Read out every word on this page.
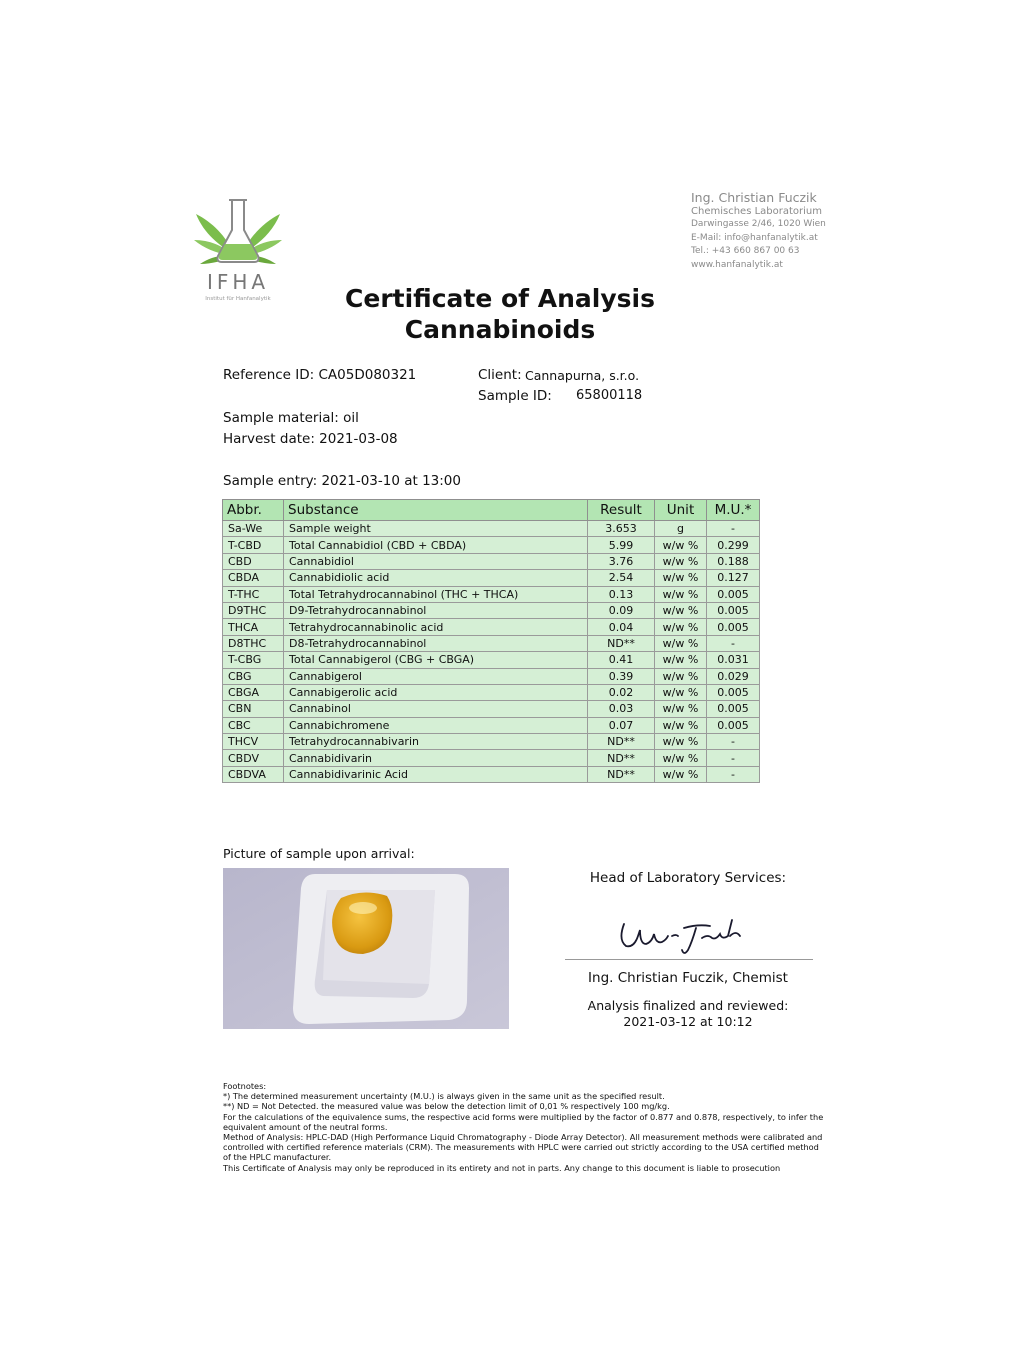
IFHA
Institut für Hanfanalytik
Ing. Christian Fuczik
Chemisches Laboratorium
Darwingasse 2/46, 1020 Wien
E-Mail: info@hanfanalytik.at
Tel.: +43 660 867 00 63
www.hanfanalytik.at
Certificate of Analysis
Cannabinoids
Reference ID: CA05D080321	Client: Cannapurna, s.r.o.
Sample ID: 65800118
Sample material: oil
Harvest date: 2021-03-08
Sample entry: 2021-03-10 at 13:00
Abbr.	Substance	Result	Unit	M.U.*
Sa-We	Sample weight	3.653	g	-
T-CBD	Total Cannabidiol (CBD + CBDA)	5.99	w/w %	0.299
CBD	Cannabidiol	3.76	w/w %	0.188
CBDA	Cannabidiolic acid	2.54	w/w %	0.127
T-THC	Total Tetrahydrocannabinol (THC + THCA)	0.13	w/w %	0.005
D9THC	D9-Tetrahydrocannabinol	0.09	w/w %	0.005
THCA	Tetrahydrocannabinolic acid	0.04	w/w %	0.005
D8THC	D8-Tetrahydrocannabinol	ND**	w/w %	-
T-CBG	Total Cannabigerol (CBG + CBGA)	0.41	w/w %	0.031
CBG	Cannabigerol	0.39	w/w %	0.029
CBGA	Cannabigerolic acid	0.02	w/w %	0.005
CBN	Cannabinol	0.03	w/w %	0.005
CBC	Cannabichromene	0.07	w/w %	0.005
THCV	Tetrahydrocannabivarin	ND**	w/w %	-
CBDV	Cannabidivarin	ND**	w/w %	-
CBDVA	Cannabidivarinic Acid	ND**	w/w %	-
Picture of sample upon arrival:
Head of Laboratory Services:
Ing. Christian Fuczik, Chemist
Analysis finalized and reviewed:
2021-03-12 at 10:12
Footnotes:
*) The determined measurement uncertainty (M.U.) is always given in the same unit as the specified result.
**) ND = Not Detected. the measured value was below the detection limit of 0,01 % respectively 100 mg/kg.
For the calculations of the equivalence sums, the respective acid forms were multiplied by the factor of 0.877 and 0.878, respectively, to infer the equivalent amount of the neutral forms.
Method of Analysis: HPLC-DAD (High Performance Liquid Chromatography - Diode Array Detector). All measurement methods were calibrated and controlled with certified reference materials (CRM). The measurements with HPLC were carried out strictly according to the USA certified method of the HPLC manufacturer.
This Certificate of Analysis may only be reproduced in its entirety and not in parts. Any change to this document is liable to prosecution
